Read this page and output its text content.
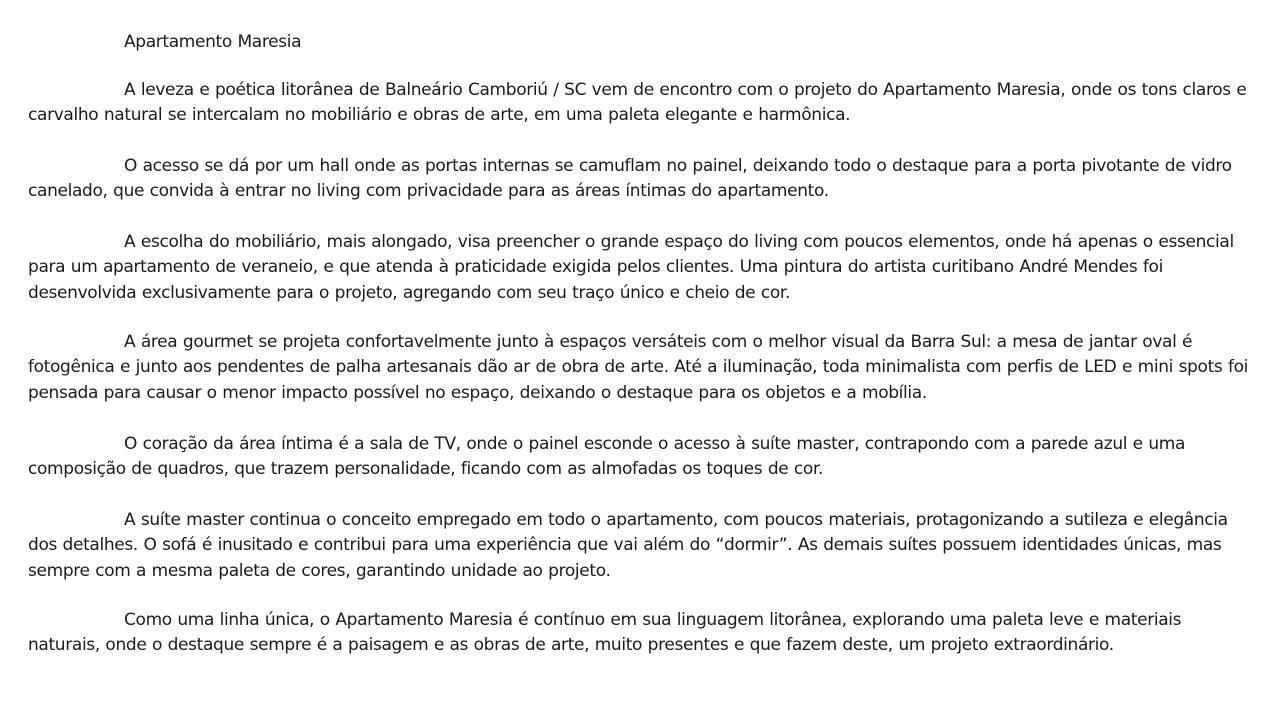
Apartamento Maresia

A leveza e poética litorânea de Balneário Camboriú / SC vem de encontro com o projeto do Apartamento Maresia, onde os tons claros e carvalho natural se intercalam no mobiliário e obras de arte, em uma paleta elegante e harmônica.

O acesso se dá por um hall onde as portas internas se camuflam no painel, deixando todo o destaque para a porta pivotante de vidro canelado, que convida à entrar no living com privacidade para as áreas íntimas do apartamento.

A escolha do mobiliário, mais alongado, visa preencher o grande espaço do living com poucos elementos, onde há apenas o essencial para um apartamento de veraneio, e que atenda à praticidade exigida pelos clientes. Uma pintura do artista curitibano André Mendes foi desenvolvida exclusivamente para o projeto, agregando com seu traço único e cheio de cor.

A área gourmet se projeta confortavelmente junto à espaços versáteis com o melhor visual da Barra Sul: a mesa de jantar oval é fotogênica e junto aos pendentes de palha artesanais dão ar de obra de arte. Até a iluminação, toda minimalista com perfis de LED e mini spots foi pensada para causar o menor impacto possível no espaço, deixando o destaque para os objetos e a mobília.

O coração da área íntima é a sala de TV, onde o painel esconde o acesso à suíte master, contrapondo com a parede azul e uma composição de quadros, que trazem personalidade, ficando com as almofadas os toques de cor.

A suíte master continua o conceito empregado em todo o apartamento, com poucos materiais, protagonizando a sutileza e elegância dos detalhes. O sofá é inusitado e contribui para uma experiência que vai além do “dormir”. As demais suítes possuem identidades únicas, mas sempre com a mesma paleta de cores, garantindo unidade ao projeto.

Como uma linha única, o Apartamento Maresia é contínuo em sua linguagem litorânea, explorando uma paleta leve e materiais naturais, onde o destaque sempre é a paisagem e as obras de arte, muito presentes e que fazem deste, um projeto extraordinário.
